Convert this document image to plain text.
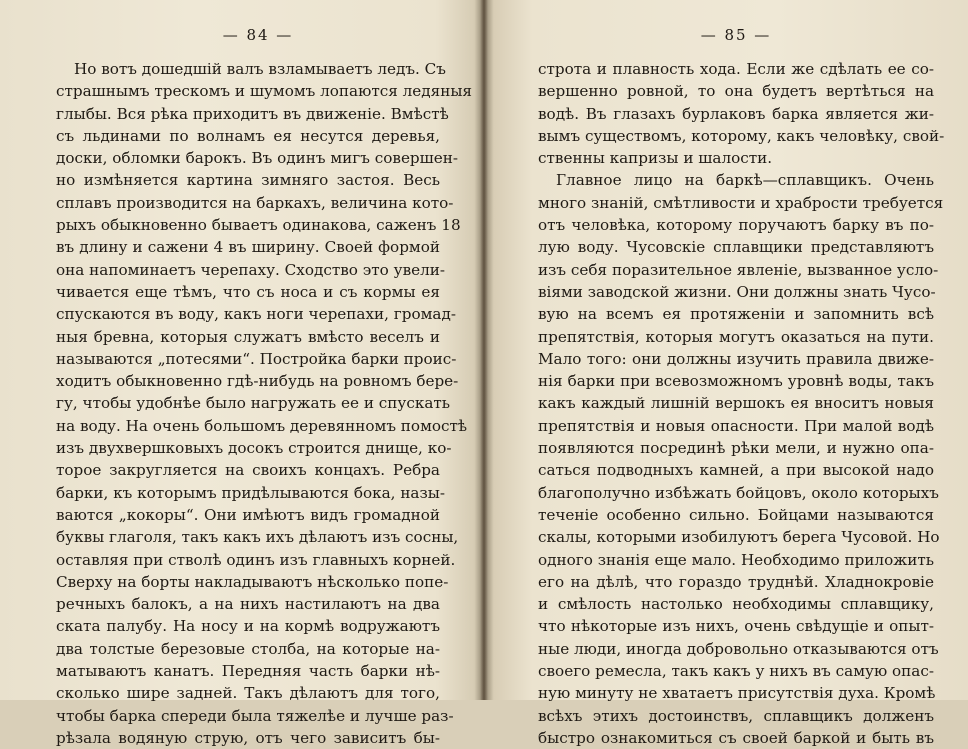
— 84 —
Но вотъ дошедшій валъ взламываетъ ледъ. Съ
страшнымъ трескомъ и шумомъ лопаются ледяныя
глыбы. Вся рѣка приходитъ въ движеніе. Вмѣстѣ
съ льдинами по волнамъ ея несутся деревья,
доски, обломки барокъ. Въ одинъ мигъ совершен-
но измѣняется картина зимняго застоя. Весь
сплавъ производится на баркахъ, величина кото-
рыхъ обыкновенно бываетъ одинакова, саженъ 18
въ длину и сажени 4 въ ширину. Своей формой
она напоминаетъ черепаху. Сходство это увели-
чивается еще тѣмъ, что съ носа и съ кормы ея
спускаются въ воду, какъ ноги черепахи, громад-
ныя бревна, которыя служатъ вмѣсто веселъ и
называются „потесями“. Постройка барки проис-
ходитъ обыкновенно гдѣ-нибудь на ровномъ бере-
гу, чтобы удобнѣе было нагружать ее и спускать
на воду. На очень большомъ деревянномъ помостѣ
изъ двухвершковыхъ досокъ строится днище, ко-
торое закругляется на своихъ концахъ. Ребра
барки, къ которымъ придѣлываются бока, назы-
ваются „кокоры“. Они имѣютъ видъ громадной
буквы глаголя, такъ какъ ихъ дѣлаютъ изъ сосны,
оставляя при стволѣ одинъ изъ главныхъ корней.
Сверху на борты накладываютъ нѣсколько попе-
речныхъ балокъ, а на нихъ настилаютъ на два
ската палубу. На носу и на кормѣ водружаютъ
два толстые березовые столба, на которые на-
матываютъ канатъ. Передняя часть барки нѣ-
сколько шире задней. Такъ дѣлаютъ для того,
чтобы барка спереди была тяжелѣе и лучше раз-
рѣзала водяную струю, отъ чего зависитъ бы-
— 85 —
строта и плавность хода. Если же сдѣлать ее со-
вершенно ровной, то она будетъ вертѣться на
водѣ. Въ глазахъ бурлаковъ барка является жи-
вымъ существомъ, которому, какъ человѣку, свой-
ственны капризы и шалости.
Главное лицо на баркѣ—сплавщикъ. Очень
много знаній, смѣтливости и храбрости требуется
отъ человѣка, которому поручаютъ барку въ по-
лую воду. Чусовскіе сплавщики представляютъ
изъ себя поразительное явленіе, вызванное усло-
віями заводской жизни. Они должны знать Чусо-
вую на всемъ ея протяженіи и запомнить всѣ
препятствія, которыя могутъ оказаться на пути.
Мало того: они должны изучить правила движе-
нія барки при всевозможномъ уровнѣ воды, такъ
какъ каждый лишній вершокъ ея вноситъ новыя
препятствія и новыя опасности. При малой водѣ
появляются посрединѣ рѣки мели, и нужно опа-
саться подводныхъ камней, а при высокой надо
благополучно избѣжать бойцовъ, около которыхъ
теченіе особенно сильно. Бойцами называются
скалы, которыми изобилуютъ берега Чусовой. Но
одного знанія еще мало. Необходимо приложить
его на дѣлѣ, что гораздо труднѣй. Хладнокровіе
и смѣлость настолько необходимы сплавщику,
что нѣкоторые изъ нихъ, очень свѣдущіе и опыт-
ные люди, иногда добровольно отказываются отъ
своего ремесла, такъ какъ у нихъ въ самую опас-
ную минуту не хватаетъ присутствія духа. Кромѣ
всѣхъ этихъ достоинствъ, сплавщикъ долженъ
быстро ознакомиться съ своей баркой и быть въ
